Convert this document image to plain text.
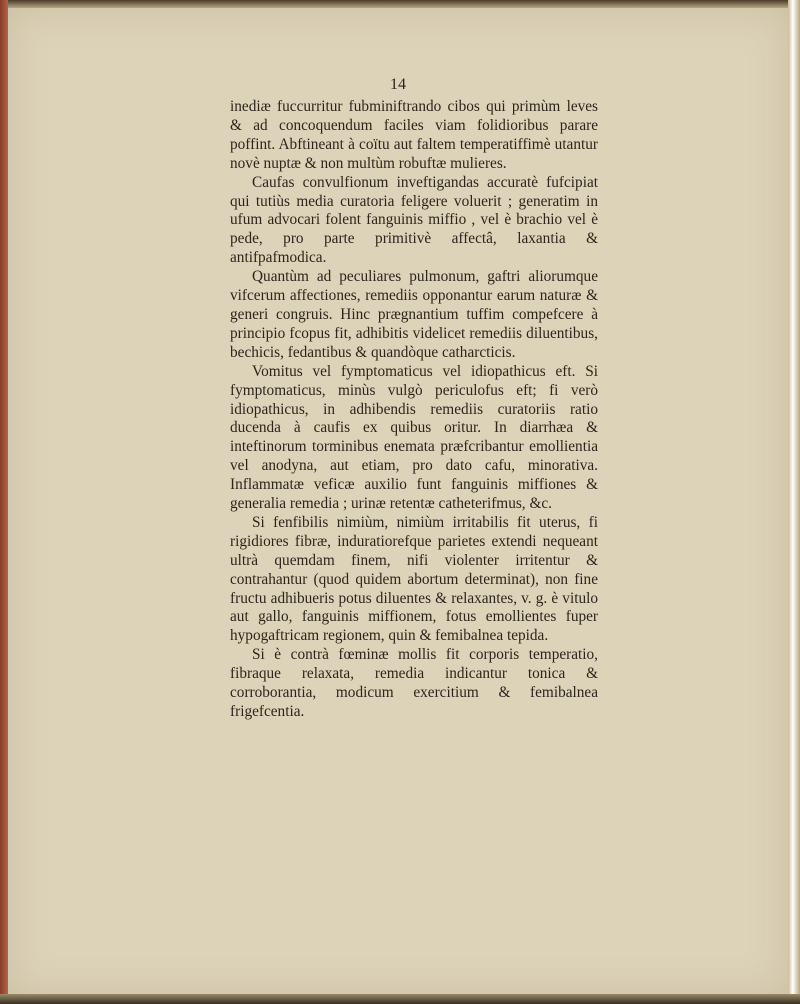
14

inediæ fuccurritur fubminiftrando cibos qui primùm leves & ad concoquendum faciles viam folidioribus parare poffint. Abftineant à coïtu aut faltem temperatiffimè utantur novè nuptæ & non multùm robuftæ mulieres.

Caufas convulfionum inveftigandas accuratè fufcipiat qui tutiùs media curatoria feligere voluerit ; generatim in ufum advocari folent fanguinis miffio , vel è brachio vel è pede, pro parte primitivè affectâ, laxantia & antifpafmodica.

Quantùm ad peculiares pulmonum, gaftri aliorumque vifcerum affectiones, remediis opponantur earum naturæ & generi congruis. Hinc prægnantium tuffim compefcere à principio fcopus fit, adhibitis videlicet remediis diluentibus, bechicis, fedantibus & quandòque catharcticis.

Vomitus vel fymptomaticus vel idiopathicus eft. Si fymptomaticus, minùs vulgò periculofus eft; fi verò idiopathicus, in adhibendis remediis curatoriis ratio ducenda à caufis ex quibus oritur. In diarrhæa & inteftinorum torminibus enemata præfcribantur emollientia vel anodyna, aut etiam, pro dato cafu, minorativa. Inflammatæ veficæ auxilio funt fanguinis miffiones & generalia remedia ; urinæ retentæ catheterifmus, &c.

Si fenfibilis nimiùm, nimiùm irritabilis fit uterus, fi rigidiores fibræ, induratiorefque parietes extendi nequeant ultrà quemdam finem, nifi violenter irritentur & contrahantur (quod quidem abortum determinat), non fine fructu adhibueris potus diluentes & relaxantes, v. g. è vitulo aut gallo, fanguinis miffionem, fotus emollientes fuper hypogaftricam regionem, quin & femibalnea tepida.

Si è contrà fœminæ mollis fit corporis temperatio, fibraque relaxata, remedia indicantur tonica & corroborantia, modicum exercitium & femibalnea frigefcentia.
